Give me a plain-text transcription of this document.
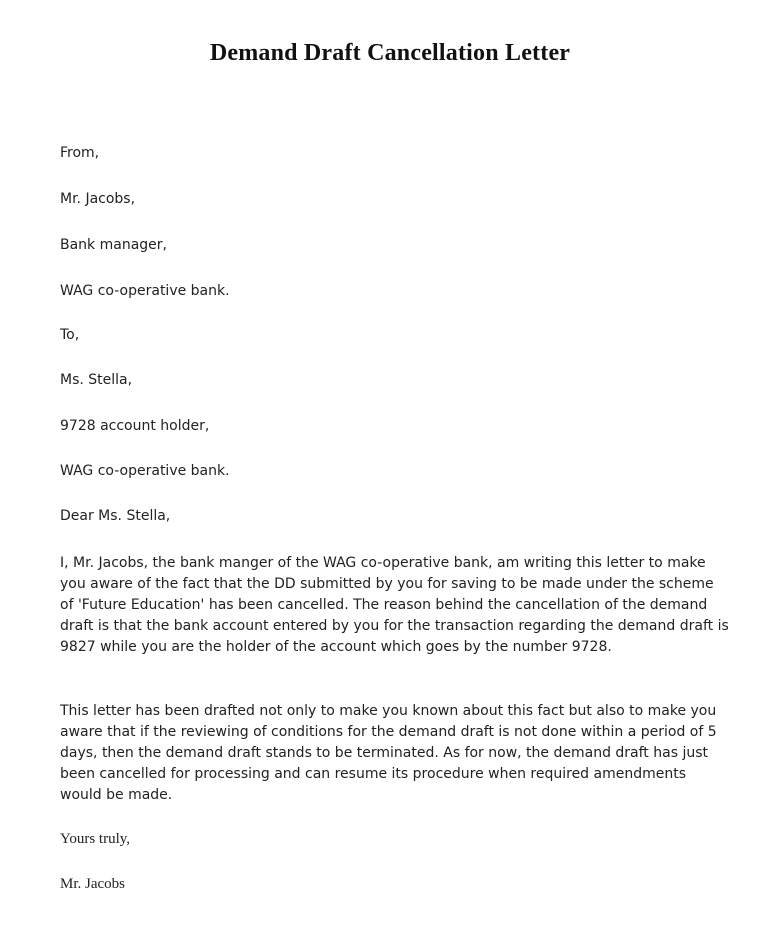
Demand Draft Cancellation Letter

From,

Mr. Jacobs,

Bank manager,

WAG co-operative bank.

To,

Ms. Stella,

9728 account holder,

WAG co-operative bank.

Dear Ms. Stella,

I, Mr. Jacobs, the bank manger of the WAG co-operative bank, am writing this letter to make you aware of the fact that the DD submitted by you for saving to be made under the scheme of 'Future Education' has been cancelled. The reason behind the cancellation of the demand draft is that the bank account entered by you for the transaction regarding the demand draft is 9827 while you are the holder of the account which goes by the number 9728.

This letter has been drafted not only to make you known about this fact but also to make you aware that if the reviewing of conditions for the demand draft is not done within a period of 5 days, then the demand draft stands to be terminated. As for now, the demand draft has just been cancelled for processing and can resume its procedure when required amendments would be made.

Yours truly,

Mr. Jacobs
